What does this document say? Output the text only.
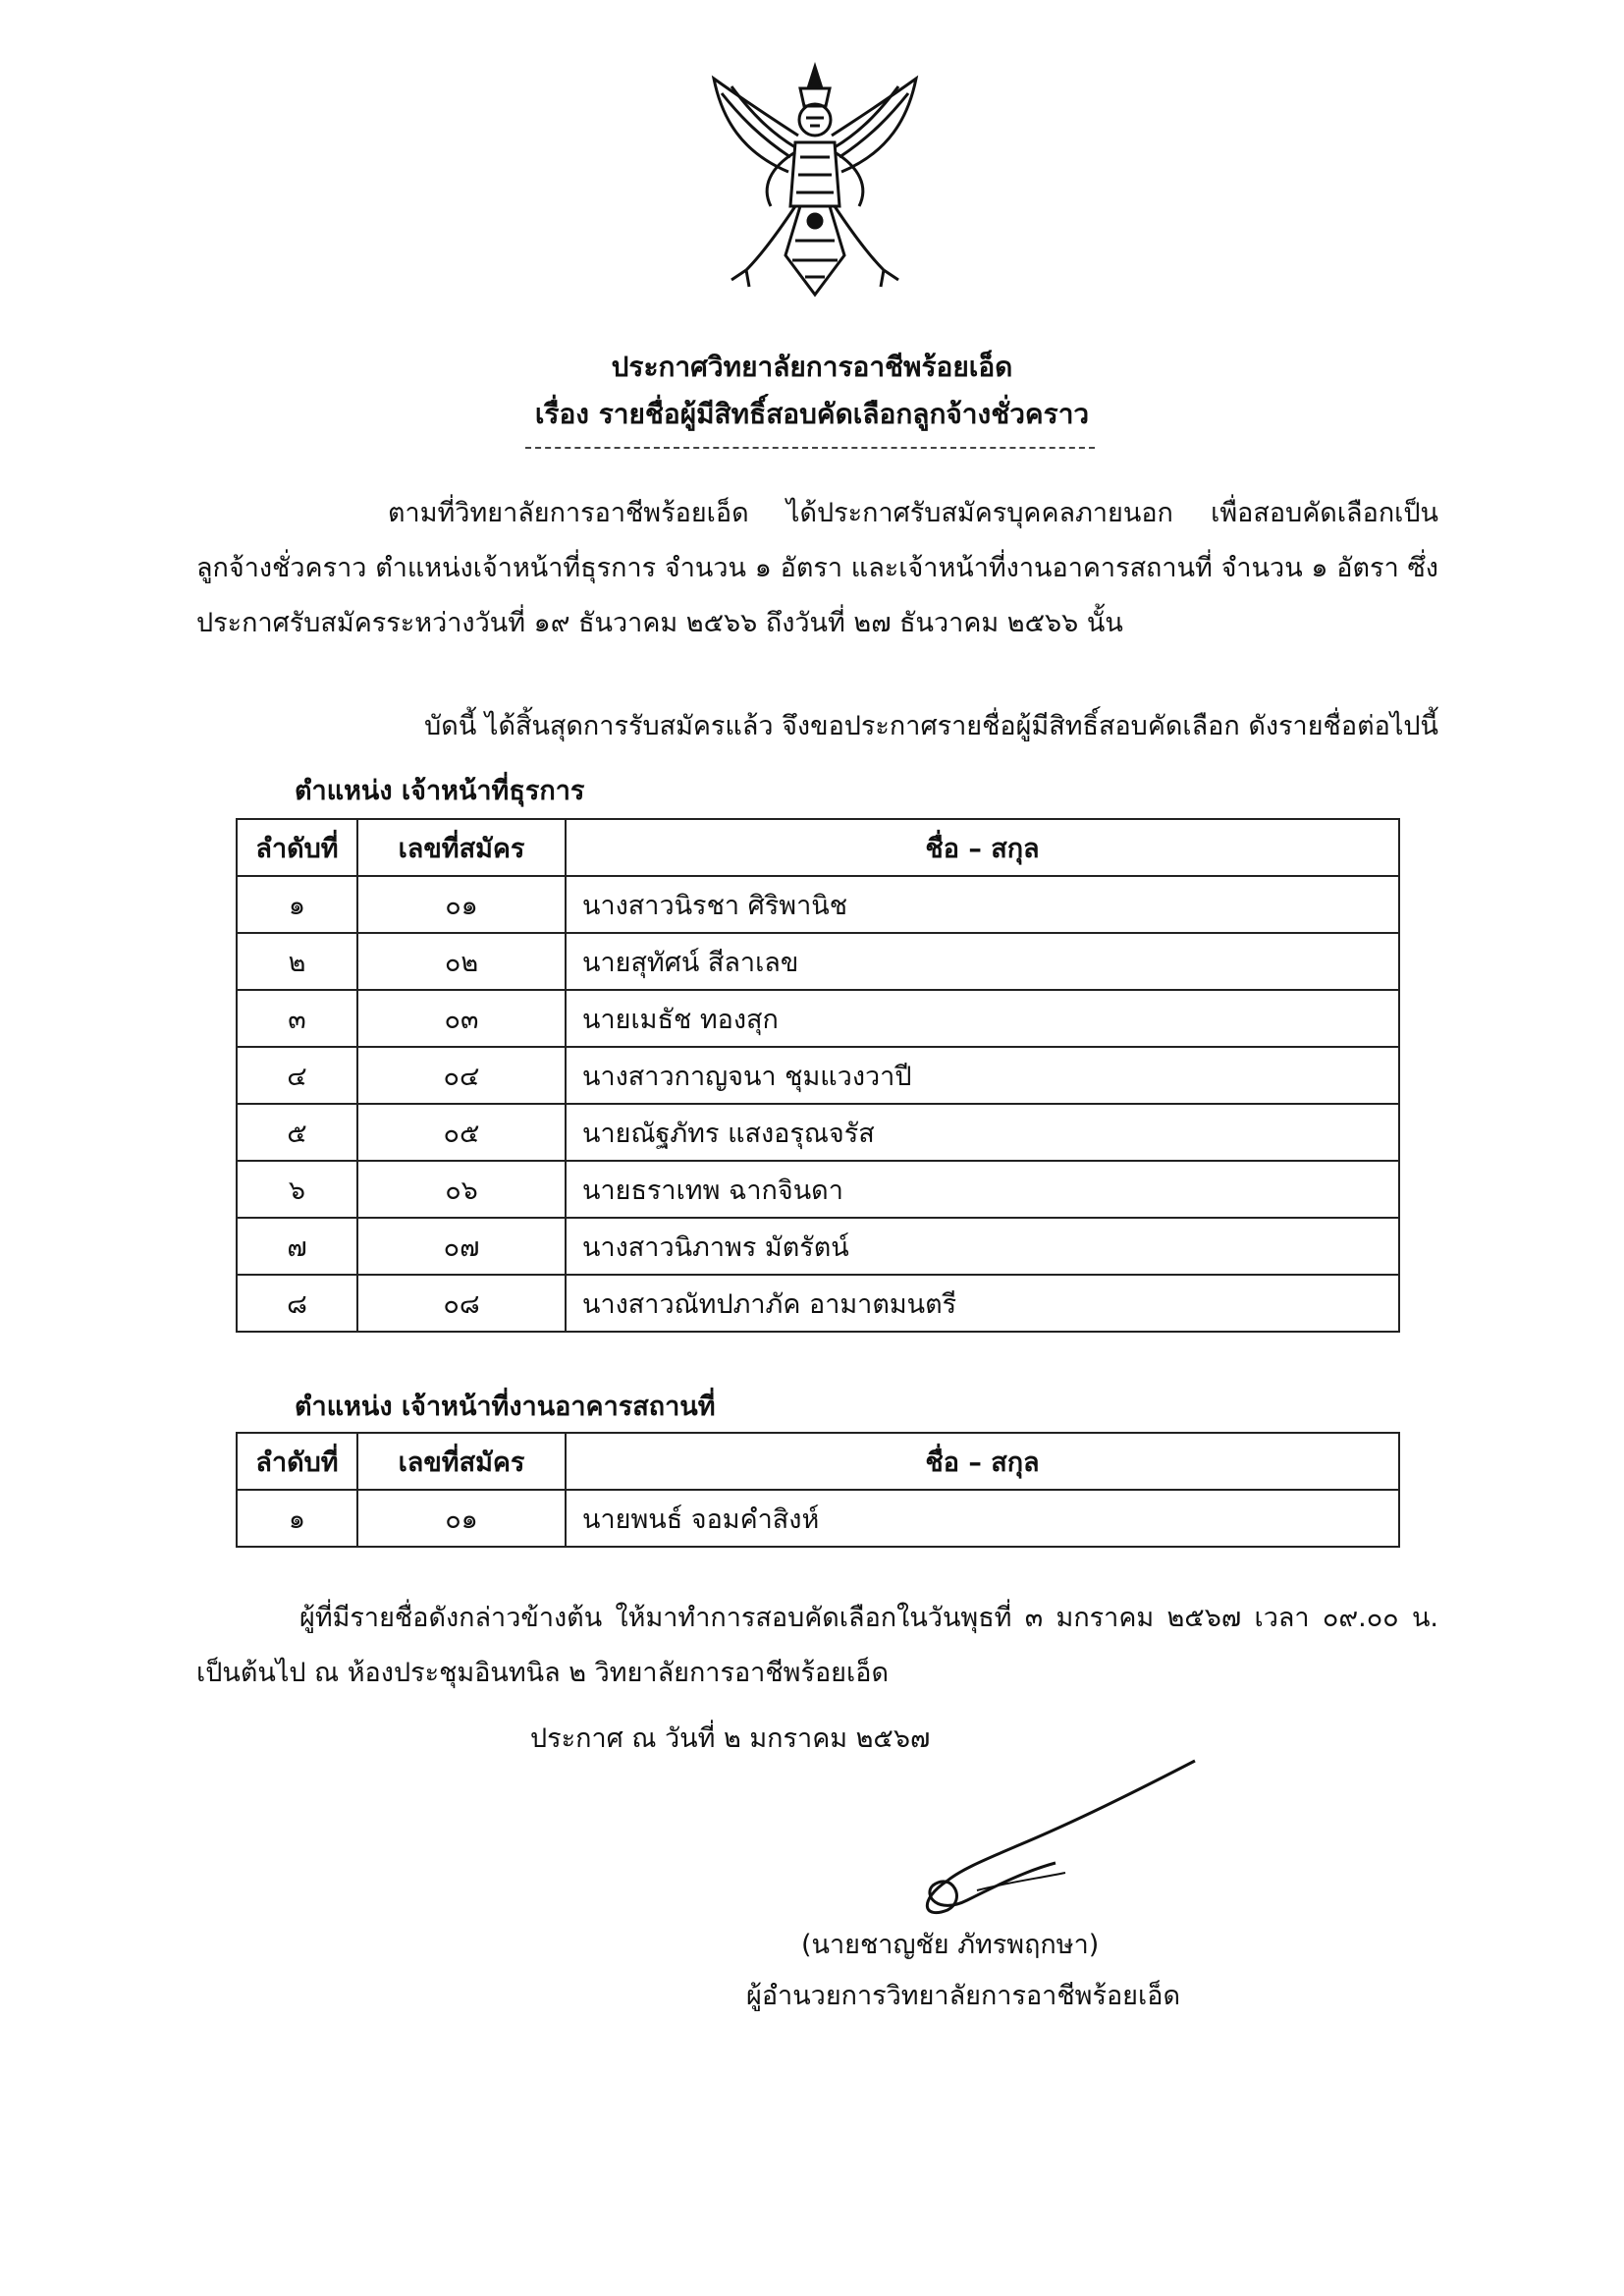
ประกาศวิทยาลัยการอาชีพร้อยเอ็ด
เรื่อง รายชื่อผู้มีสิทธิ์สอบคัดเลือกลูกจ้างชั่วคราว
ตามที่วิทยาลัยการอาชีพร้อยเอ็ด ได้ประกาศรับสมัครบุคคลภายนอก เพื่อสอบคัดเลือกเป็นลูกจ้างชั่วคราว ตำแหน่งเจ้าหน้าที่ธุรการ จำนวน ๑ อัตรา และเจ้าหน้าที่งานอาคารสถานที่ จำนวน ๑ อัตรา ซึ่งประกาศรับสมัครระหว่างวันที่ ๑๙ ธันวาคม ๒๕๖๖ ถึงวันที่ ๒๗ ธันวาคม ๒๕๖๖ นั้น
บัดนี้ ได้สิ้นสุดการรับสมัครแล้ว จึงขอประกาศรายชื่อผู้มีสิทธิ์สอบคัดเลือก ดังรายชื่อต่อไปนี้
ตำแหน่ง เจ้าหน้าที่ธุรการ
ลำดับที่	เลขที่สมัคร	ชื่อ – สกุล
๑	๐๑	นางสาวนิรชา ศิริพานิช
๒	๐๒	นายสุทัศน์ สีลาเลข
๓	๐๓	นายเมธัช ทองสุก
๔	๐๔	นางสาวกาญจนา ชุมแวงวาปี
๕	๐๕	นายณัฐภัทร แสงอรุณจรัส
๖	๐๖	นายธราเทพ ฉากจินดา
๗	๐๗	นางสาวนิภาพร มัตรัตน์
๘	๐๘	นางสาวณัทปภาภัค อามาตมนตรี
ตำแหน่ง เจ้าหน้าที่งานอาคารสถานที่
ลำดับที่	เลขที่สมัคร	ชื่อ – สกุล
๑	๐๑	นายพนธ์ จอมคำสิงห์
ผู้ที่มีรายชื่อดังกล่าวข้างต้น ให้มาทำการสอบคัดเลือกในวันพุธที่ ๓ มกราคม ๒๕๖๗ เวลา ๐๙.๐๐ น. เป็นต้นไป ณ ห้องประชุมอินทนิล ๒ วิทยาลัยการอาชีพร้อยเอ็ด
ประกาศ ณ วันที่ ๒ มกราคม ๒๕๖๗
(นายชาญชัย ภัทรพฤกษา)
ผู้อำนวยการวิทยาลัยการอาชีพร้อยเอ็ด
